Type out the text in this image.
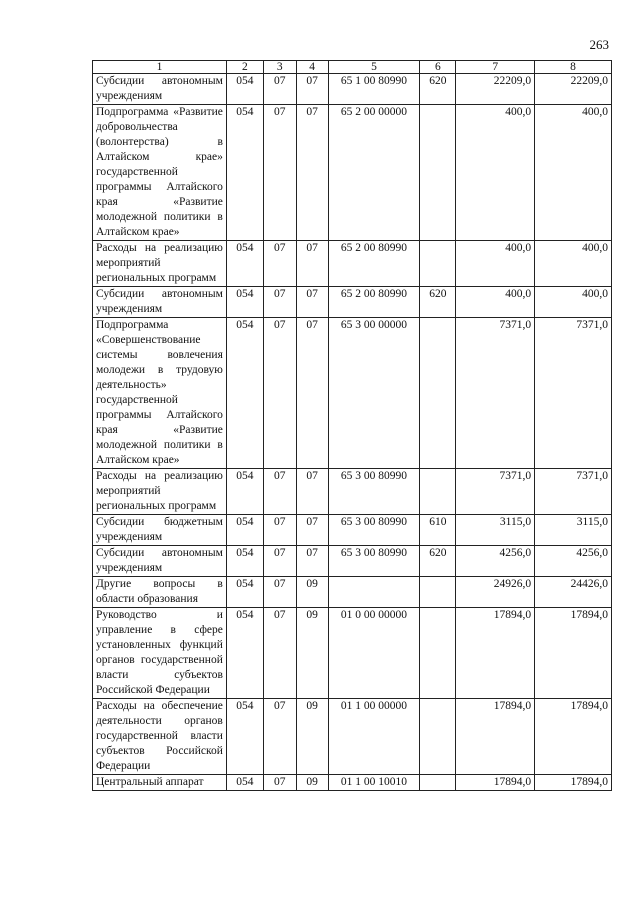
263
1	2	3	4	5	6	7	8
Субсидии автономным учреждениям	054	07	07	65 1 00 80990	620	22209,0	22209,0
Подпрограмма «Развитие добровольчества (волонтерства) в Алтайском крае» государственной программы Алтайского края «Развитие молодежной политики в Алтайском крае»	054	07	07	65 2 00 00000		400,0	400,0
Расходы на реализацию мероприятий региональных программ	054	07	07	65 2 00 80990		400,0	400,0
Субсидии автономным учреждениям	054	07	07	65 2 00 80990	620	400,0	400,0
Подпрограмма «Совершенствование системы вовлечения молодежи в трудовую деятельность» государственной программы Алтайского края «Развитие молодежной политики в Алтайском крае»	054	07	07	65 3 00 00000		7371,0	7371,0
Расходы на реализацию мероприятий региональных программ	054	07	07	65 3 00 80990		7371,0	7371,0
Субсидии бюджетным учреждениям	054	07	07	65 3 00 80990	610	3115,0	3115,0
Субсидии автономным учреждениям	054	07	07	65 3 00 80990	620	4256,0	4256,0
Другие вопросы в области образования	054	07	09			24926,0	24426,0
Руководство и управление в сфере установленных функций органов государственной власти субъектов Российской Федерации	054	07	09	01 0 00 00000		17894,0	17894,0
Расходы на обеспечение деятельности органов государственной власти субъектов Российской Федерации	054	07	09	01 1 00 00000		17894,0	17894,0
Центральный аппарат	054	07	09	01 1 00 10010		17894,0	17894,0
